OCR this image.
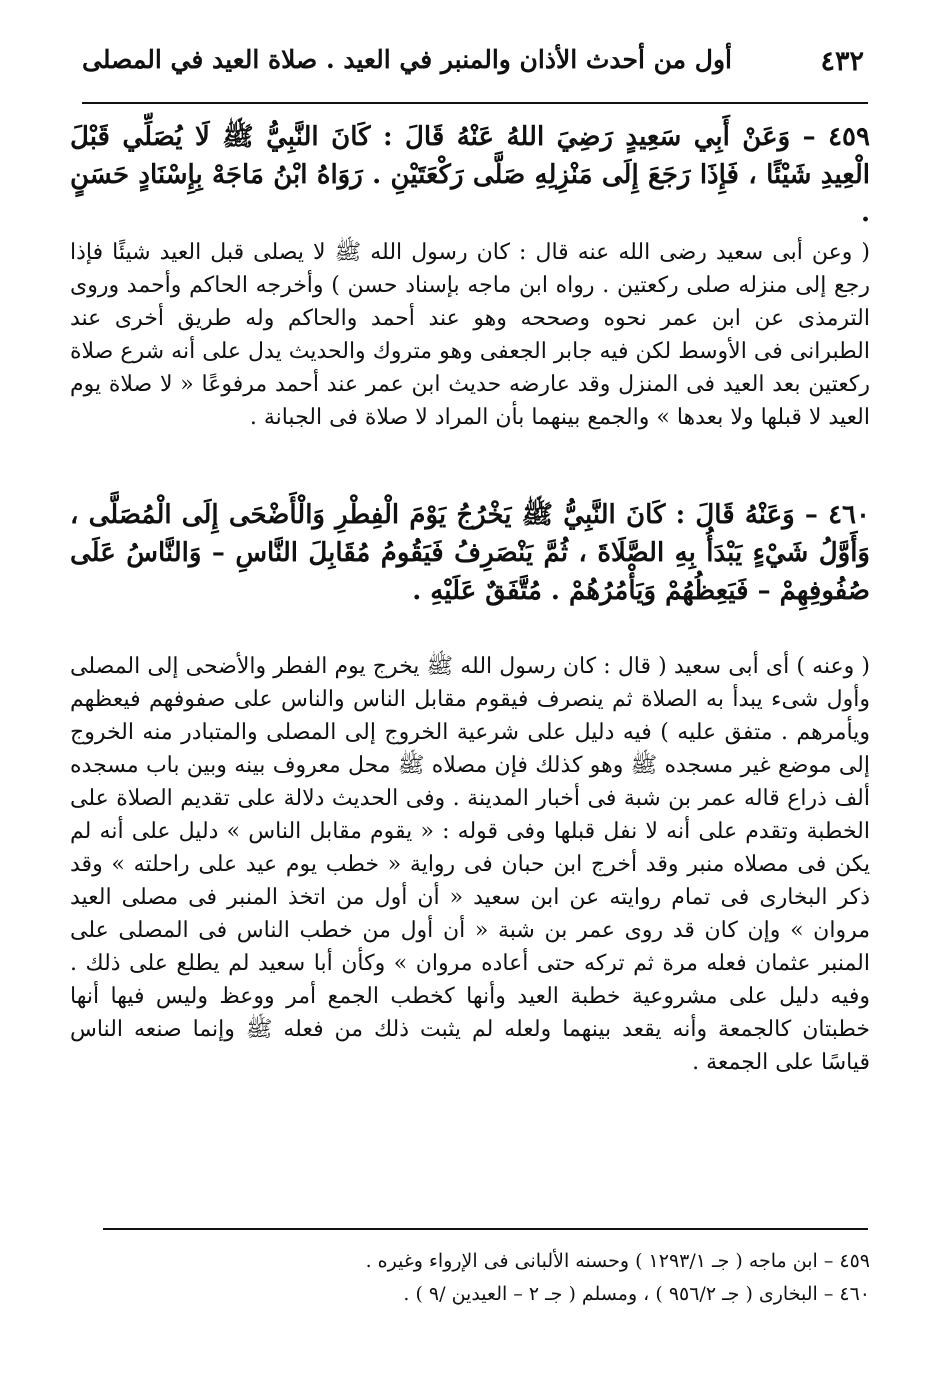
٤٣٢
أول من أحدث الأذان والمنبر في العيد . صلاة العيد في المصلى
٤٥٩ – وَعَنْ أَبِي سَعِيدٍ رَضِيَ اللهُ عَنْهُ قَالَ : كَانَ النَّبِيُّ ﷺ لَا يُصَلِّي قَبْلَ الْعِيدِ شَيْئًا ، فَإِذَا رَجَعَ إِلَى مَنْزِلِهِ صَلَّى رَكْعَتَيْنِ . رَوَاهُ ابْنُ مَاجَهْ بِإِسْنَادٍ حَسَنٍ .
( وعن أبى سعيد رضى الله عنه قال : كان رسول الله ﷺ لا يصلى قبل العيد شيئًا فإذا رجع إلى منزله صلى ركعتين . رواه ابن ماجه بإسناد حسن ) وأخرجه الحاكم وأحمد وروى الترمذى عن ابن عمر نحوه وصححه وهو عند أحمد والحاكم وله طريق أخرى عند الطبرانى فى الأوسط لكن فيه جابر الجعفى وهو متروك والحديث يدل على أنه شرع صلاة ركعتين بعد العيد فى المنزل وقد عارضه حديث ابن عمر عند أحمد مرفوعًا « لا صلاة يوم العيد لا قبلها ولا بعدها » والجمع بينهما بأن المراد لا صلاة فى الجبانة .
٤٦٠ – وَعَنْهُ قَالَ : كَانَ النَّبِيُّ ﷺ يَخْرُجُ يَوْمَ الْفِطْرِ وَالْأَضْحَى إِلَى الْمُصَلَّى ، وَأَوَّلُ شَيْءٍ يَبْدَأُ بِهِ الصَّلَاةَ ، ثُمَّ يَنْصَرِفُ فَيَقُومُ مُقَابِلَ النَّاسِ – وَالنَّاسُ عَلَى صُفُوفِهِمْ – فَيَعِظُهُمْ وَيَأْمُرُهُمْ . مُتَّفَقٌ عَلَيْهِ .
( وعنه ) أى أبى سعيد ( قال : كان رسول الله ﷺ يخرج يوم الفطر والأضحى إلى المصلى وأول شىء يبدأ به الصلاة ثم ينصرف فيقوم مقابل الناس والناس على صفوفهم فيعظهم ويأمرهم . متفق عليه ) فيه دليل على شرعية الخروج إلى المصلى والمتبادر منه الخروج إلى موضع غير مسجده ﷺ وهو كذلك فإن مصلاه ﷺ محل معروف بينه وبين باب مسجده ألف ذراع قاله عمر بن شبة فى أخبار المدينة . وفى الحديث دلالة على تقديم الصلاة على الخطبة وتقدم على أنه لا نفل قبلها وفى قوله : « يقوم مقابل الناس » دليل على أنه لم يكن فى مصلاه منبر وقد أخرج ابن حبان فى رواية « خطب يوم عيد على راحلته » وقد ذكر البخارى فى تمام روايته عن ابن سعيد « أن أول من اتخذ المنبر فى مصلى العيد مروان » وإن كان قد روى عمر بن شبة « أن أول من خطب الناس فى المصلى على المنبر عثمان فعله مرة ثم تركه حتى أعاده مروان » وكأن أبا سعيد لم يطلع على ذلك . وفيه دليل على مشروعية خطبة العيد وأنها كخطب الجمع أمر ووعظ وليس فيها أنها خطبتان كالجمعة وأنه يقعد بينهما ولعله لم يثبت ذلك من فعله ﷺ وإنما صنعه الناس قياسًا على الجمعة .
٤٥٩ – ابن ماجه ( جـ ١٢٩٣/١ ) وحسنه الألبانى فى الإرواء وغيره .
٤٦٠ – البخارى ( جـ ٩٥٦/٢ ) ، ومسلم ( جـ ٢ – العيدين /٩ ) .
